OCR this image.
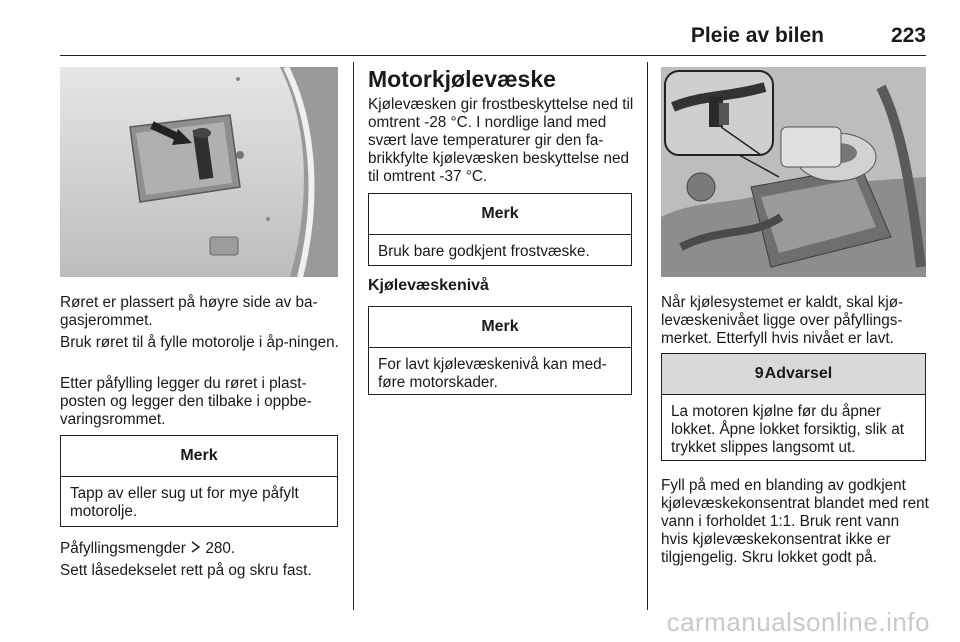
Pleie av bilen	223

Røret er plassert på høyre side av ba-gasjerommet.

Bruk røret til å fylle motorolje i åp-ningen.

Etter påfylling legger du røret i plast-posten og legger den tilbake i oppbe-varingsrommet.

Merk
Tapp av eller sug ut for mye påfylt motorolje.

Påfyllingsmengder 280.

Sett låsedekselet rett på og skru fast.

Motorkjølevæske

Kjølevæsken gir frostbeskyttelse ned til omtrent -28 °C. I nordlige land med svært lave temperaturer gir den fa-brikkfylte kjølevæsken beskyttelse ned til omtrent -37 °C.

Merk
Bruk bare godkjent frostvæske.
Kjølevæskenivå
Merk
For lavt kjølevæskenivå kan med-føre motorskader.

Når kjølesystemet er kaldt, skal kjø-levæskenivået ligge over påfyllings-merket. Etterfyll hvis nivået er lavt.

9Advarsel
La motoren kjølne før du åpner lokket. Åpne lokket forsiktig, slik at trykket slippes langsomt ut.

Fyll på med en blanding av godkjent kjølevæskekonsentrat blandet med rent vann i forholdet 1:1. Bruk rent vann hvis kjølevæskekonsentrat ikke er tilgjengelig. Skru lokket godt på.

carmanualsonline.info
